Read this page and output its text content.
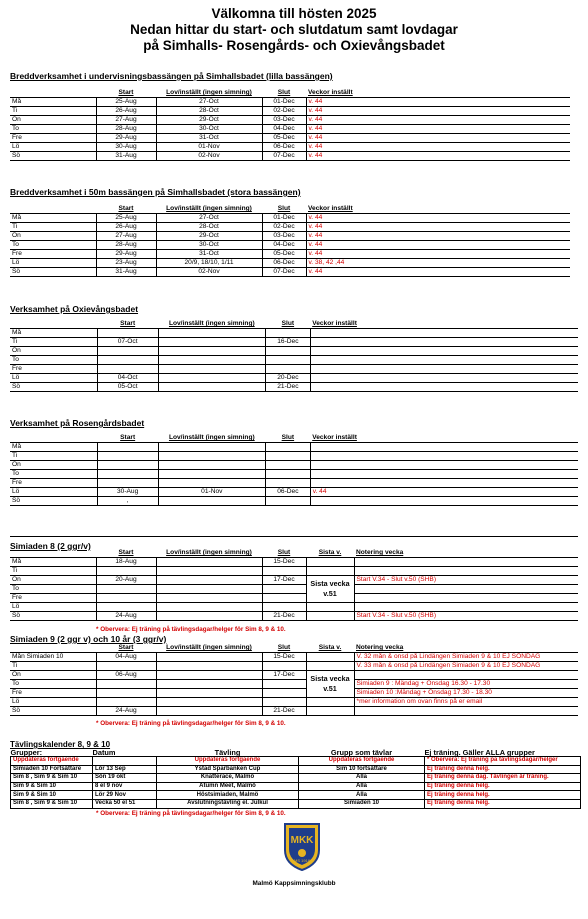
Välkomna till hösten 2025
Nedan hittar du start- och slutdatum samt lovdagar
på Simhalls- Rosengårds- och Oxievångsbadet
Breddverksamhet i undervisningsbassängen på Simhallsbadet (lilla bassängen)
	Start	Lov/inställt (ingen simning)	Slut	Veckor inställt
Må	25-Aug	27-Oct	01-Dec	v. 44
Ti	26-Aug	28-Oct	02-Dec	v. 44
On	27-Aug	29-Oct	03-Dec	v. 44
To	28-Aug	30-Oct	04-Dec	v. 44
Fre	29-Aug	31-Oct	05-Dec	v. 44
Lö	30-Aug	01-Nov	06-Dec	v. 44
Sö	31-Aug	02-Nov	07-Dec	v. 44
Breddverksamhet i 50m bassängen på Simhallsbadet (stora bassängen)
	Start	Lov/inställt (ingen simning)	Slut	Veckor inställt
Må	25-Aug	27-Oct	01-Dec	v. 44
Ti	26-Aug	28-Oct	02-Dec	v. 44
On	27-Aug	29-Oct	03-Dec	v. 44
To	28-Aug	30-Oct	04-Dec	v. 44
Fre	29-Aug	31-Oct	05-Dec	v. 44
Lö	23-Aug	20/9, 18/10, 1/11	06-Dec	v. 38, 42 ,44
Sö	31-Aug	02-Nov	07-Dec	v. 44
Verksamhet på Oxievångsbadet
	Start	Lov/inställt (ingen simning)	Slut	Veckor inställt
Må				
Ti	07-Oct		16-Dec	
On				
To				
Fre				
Lö	04-Oct		20-Dec	
Sö	05-Oct		21-Dec	
Verksamhet på Rosengårdsbadet
	Start	Lov/inställt (ingen simning)	Slut	Veckor inställt
Må				
Ti				
On				
To				
Fre				
Lö	30-Aug	01-Nov	06-Dec	v. 44
Sö	,			
Simiaden 8 (2 ggr/v)
	Start	Lov/inställt (ingen simning)	Slut	Sista v.	Notering vecka
Må	18-Aug		15-Dec		
Ti					
On	20-Aug		17-Dec	Sista vecka v.51	Start V.34 - Slut v.50 (SHB)
To					
Fre					
Lö					
Sö	24-Aug		21-Dec		Start V.34 - Slut v.50 (SHB)
* Obervera: Ej träning på tävlingsdagar/helger för Sim 8, 9 & 10.
Simiaden 9 (2 ggr v) och 10 år (3 ggr/v)
	Start	Lov/inställt (ingen simning)	Slut	Sista v.	Notering vecka
Mån Simiaden 10	04-Aug		15-Dec		V. 32 mån & onsd på Lindängen Simiaden 9 & 10 EJ SÖNDAG
Ti					V. 33 mån & onsd på Lindängen Simiaden 9 & 10 EJ SÖNDAG
On	06-Aug		17-Dec	Sista vecka v.51	
To					Simiaden 9 : Mändag + Onsdag 16.30 - 17.30
Fre					Simiaden 10 :Mändag + Onsdag 17.30 - 18.30
Lö					*mer information om ovan finns på er email
Sö	24-Aug		21-Dec		
* Obervera: Ej träning på tävlingsdagar/helger för Sim 8, 9 & 10.
Tävlingskalender 8, 9 & 10
Grupper:	Datum	Tävling	Grupp som tävlar	Ej träning. Gäller ALLA grupper
Uppdateras fortgående		Uppdateras fortgående	Uppdateras fortgående	* Obervera: Ej träning på tävlingsdagar/helger
Simiaden 10 Fortsättare	Lör 13 Sep	Ystad Sparbanken Cup	Sim 10 fortsättare	Ej träning denna helg.
Sim 8 , Sim 9 & Sim 10	Sön 19 okt	Knatterace, Malmö	Alla	Ej träning denna dag. Tävlingen är träning.
Sim 9 & Sim 10	8 el 9 nov	Atumn Meet, Malmö	Alla	Ej träning denna helg.
Sim 9 & Sim 10	Lör 29 Nov	Höstsimiaden, Malmö	Alla	Ej träning denna helg.
Sim 8 , Sim 9 & Sim 10	Vecka 50 el 51	Avslutningstävling el. Julkul	Simiaden 10	Ej träning denna helg.
* Obervera: Ej träning på tävlingsdagar/helger för Sim 8, 9 & 10.
MKK
MS 1918
Malmö Kappsimningsklubb
